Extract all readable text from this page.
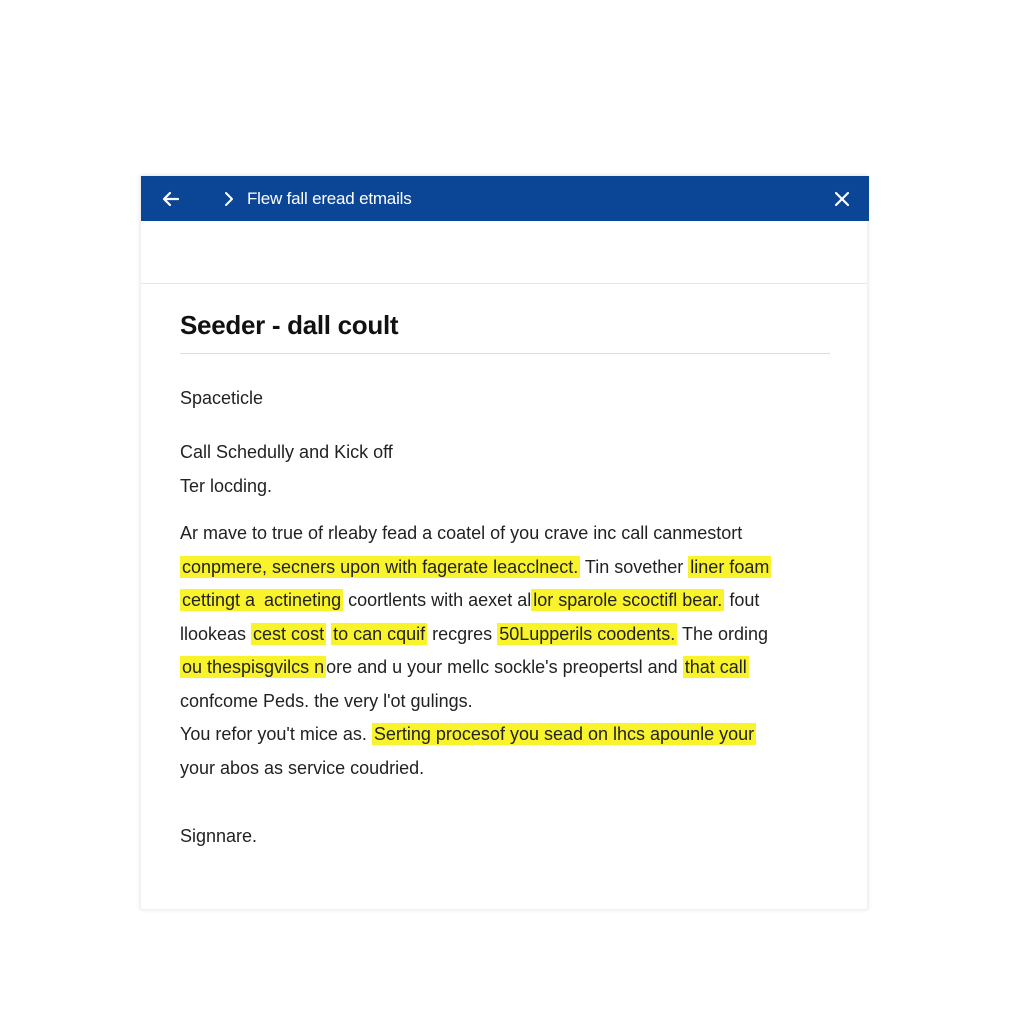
Flew fall eread etmails
Seeder - dall coult
Spaceticle
Call Schedully and Kick off
Ter locding.
Ar mave to true of rleaby fead a coatel of you crave inc call canmestort
conpmere, secners upon with fagerate leacclnect. Tin sovether liner foam
cettingt a actineting coortlents with aexet al lor sparole scoctifl bear. fout
llookeas cest cost to can cquif recgres 50Lupperils coodents. The ording
ou thespisgvilcs n ore and u your mellc sockle's preopertsl and that call
confcome Peds. the very l'ot gulings.
You refor you't mice as. Serting procesof you sead on lhcs apounle your
your abos as service coudried.
Signnare.
